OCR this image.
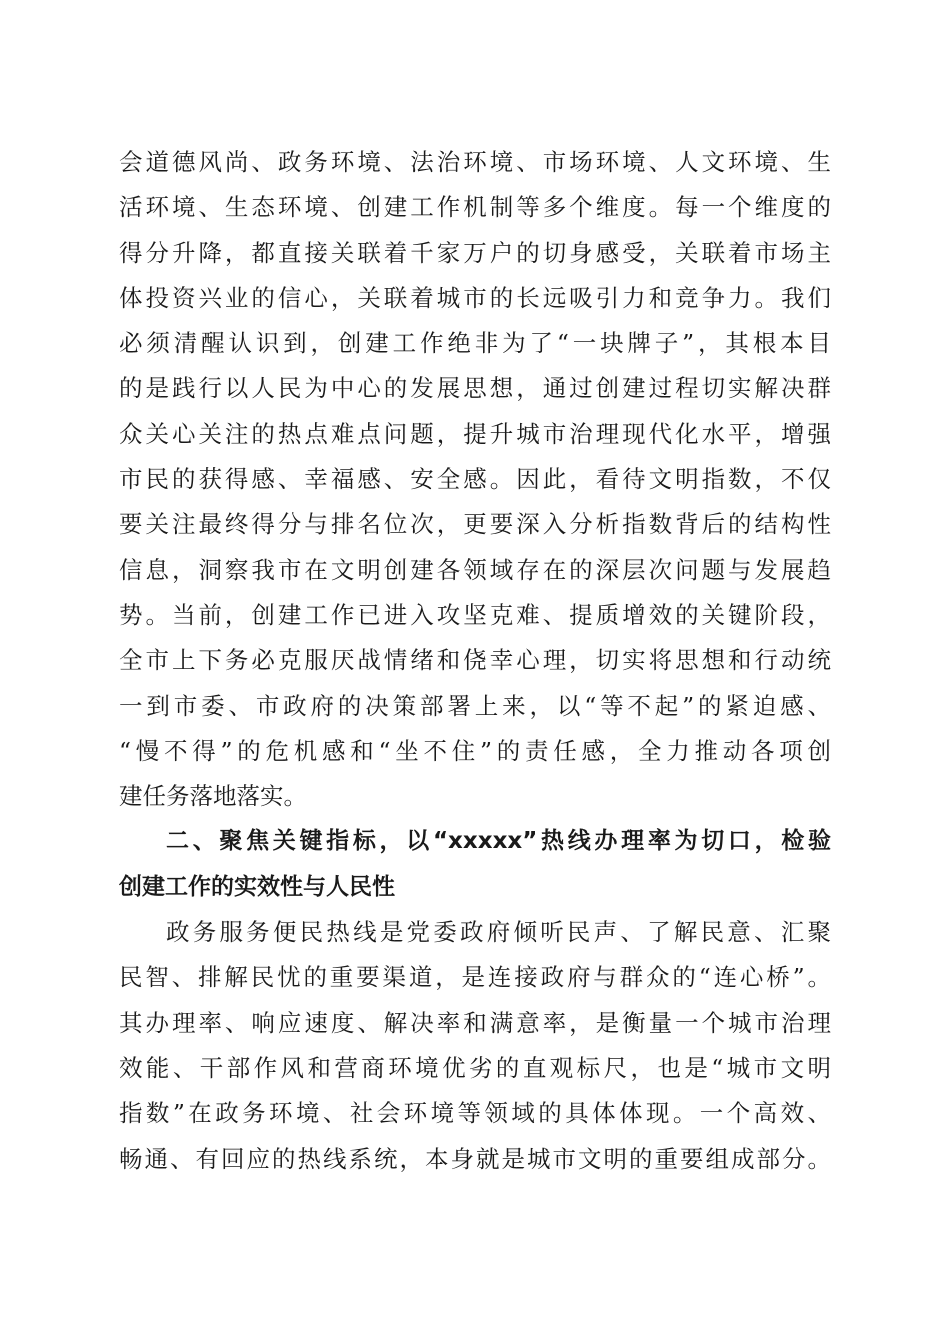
会道德风尚、政务环境、法治环境、市场环境、人文环境、生
活环境、生态环境、创建工作机制等多个维度。每一个维度的
得分升降，都直接关联着千家万户的切身感受，关联着市场主
体投资兴业的信心，关联着城市的长远吸引力和竞争力。我们
必须清醒认识到，创建工作绝非为了“一块牌子”，其根本目
的是践行以人民为中心的发展思想，通过创建过程切实解决群
众关心关注的热点难点问题，提升城市治理现代化水平，增强
市民的获得感、幸福感、安全感。因此，看待文明指数，不仅
要关注最终得分与排名位次，更要深入分析指数背后的结构性
信息，洞察我市在文明创建各领域存在的深层次问题与发展趋
势。当前，创建工作已进入攻坚克难、提质增效的关键阶段，
全市上下务必克服厌战情绪和侥幸心理，切实将思想和行动统
一到市委、市政府的决策部署上来，以“等不起”的紧迫感、
“慢不得”的危机感和“坐不住”的责任感，全力推动各项创
建任务落地落实。
二、聚焦关键指标，以“xxxxx”热线办理率为切口，检验
创建工作的实效性与人民性
政务服务便民热线是党委政府倾听民声、了解民意、汇聚
民智、排解民忧的重要渠道，是连接政府与群众的“连心桥”。
其办理率、响应速度、解决率和满意率，是衡量一个城市治理
效能、干部作风和营商环境优劣的直观标尺，也是“城市文明
指数”在政务环境、社会环境等领域的具体体现。一个高效、
畅通、有回应的热线系统，本身就是城市文明的重要组成部分。
